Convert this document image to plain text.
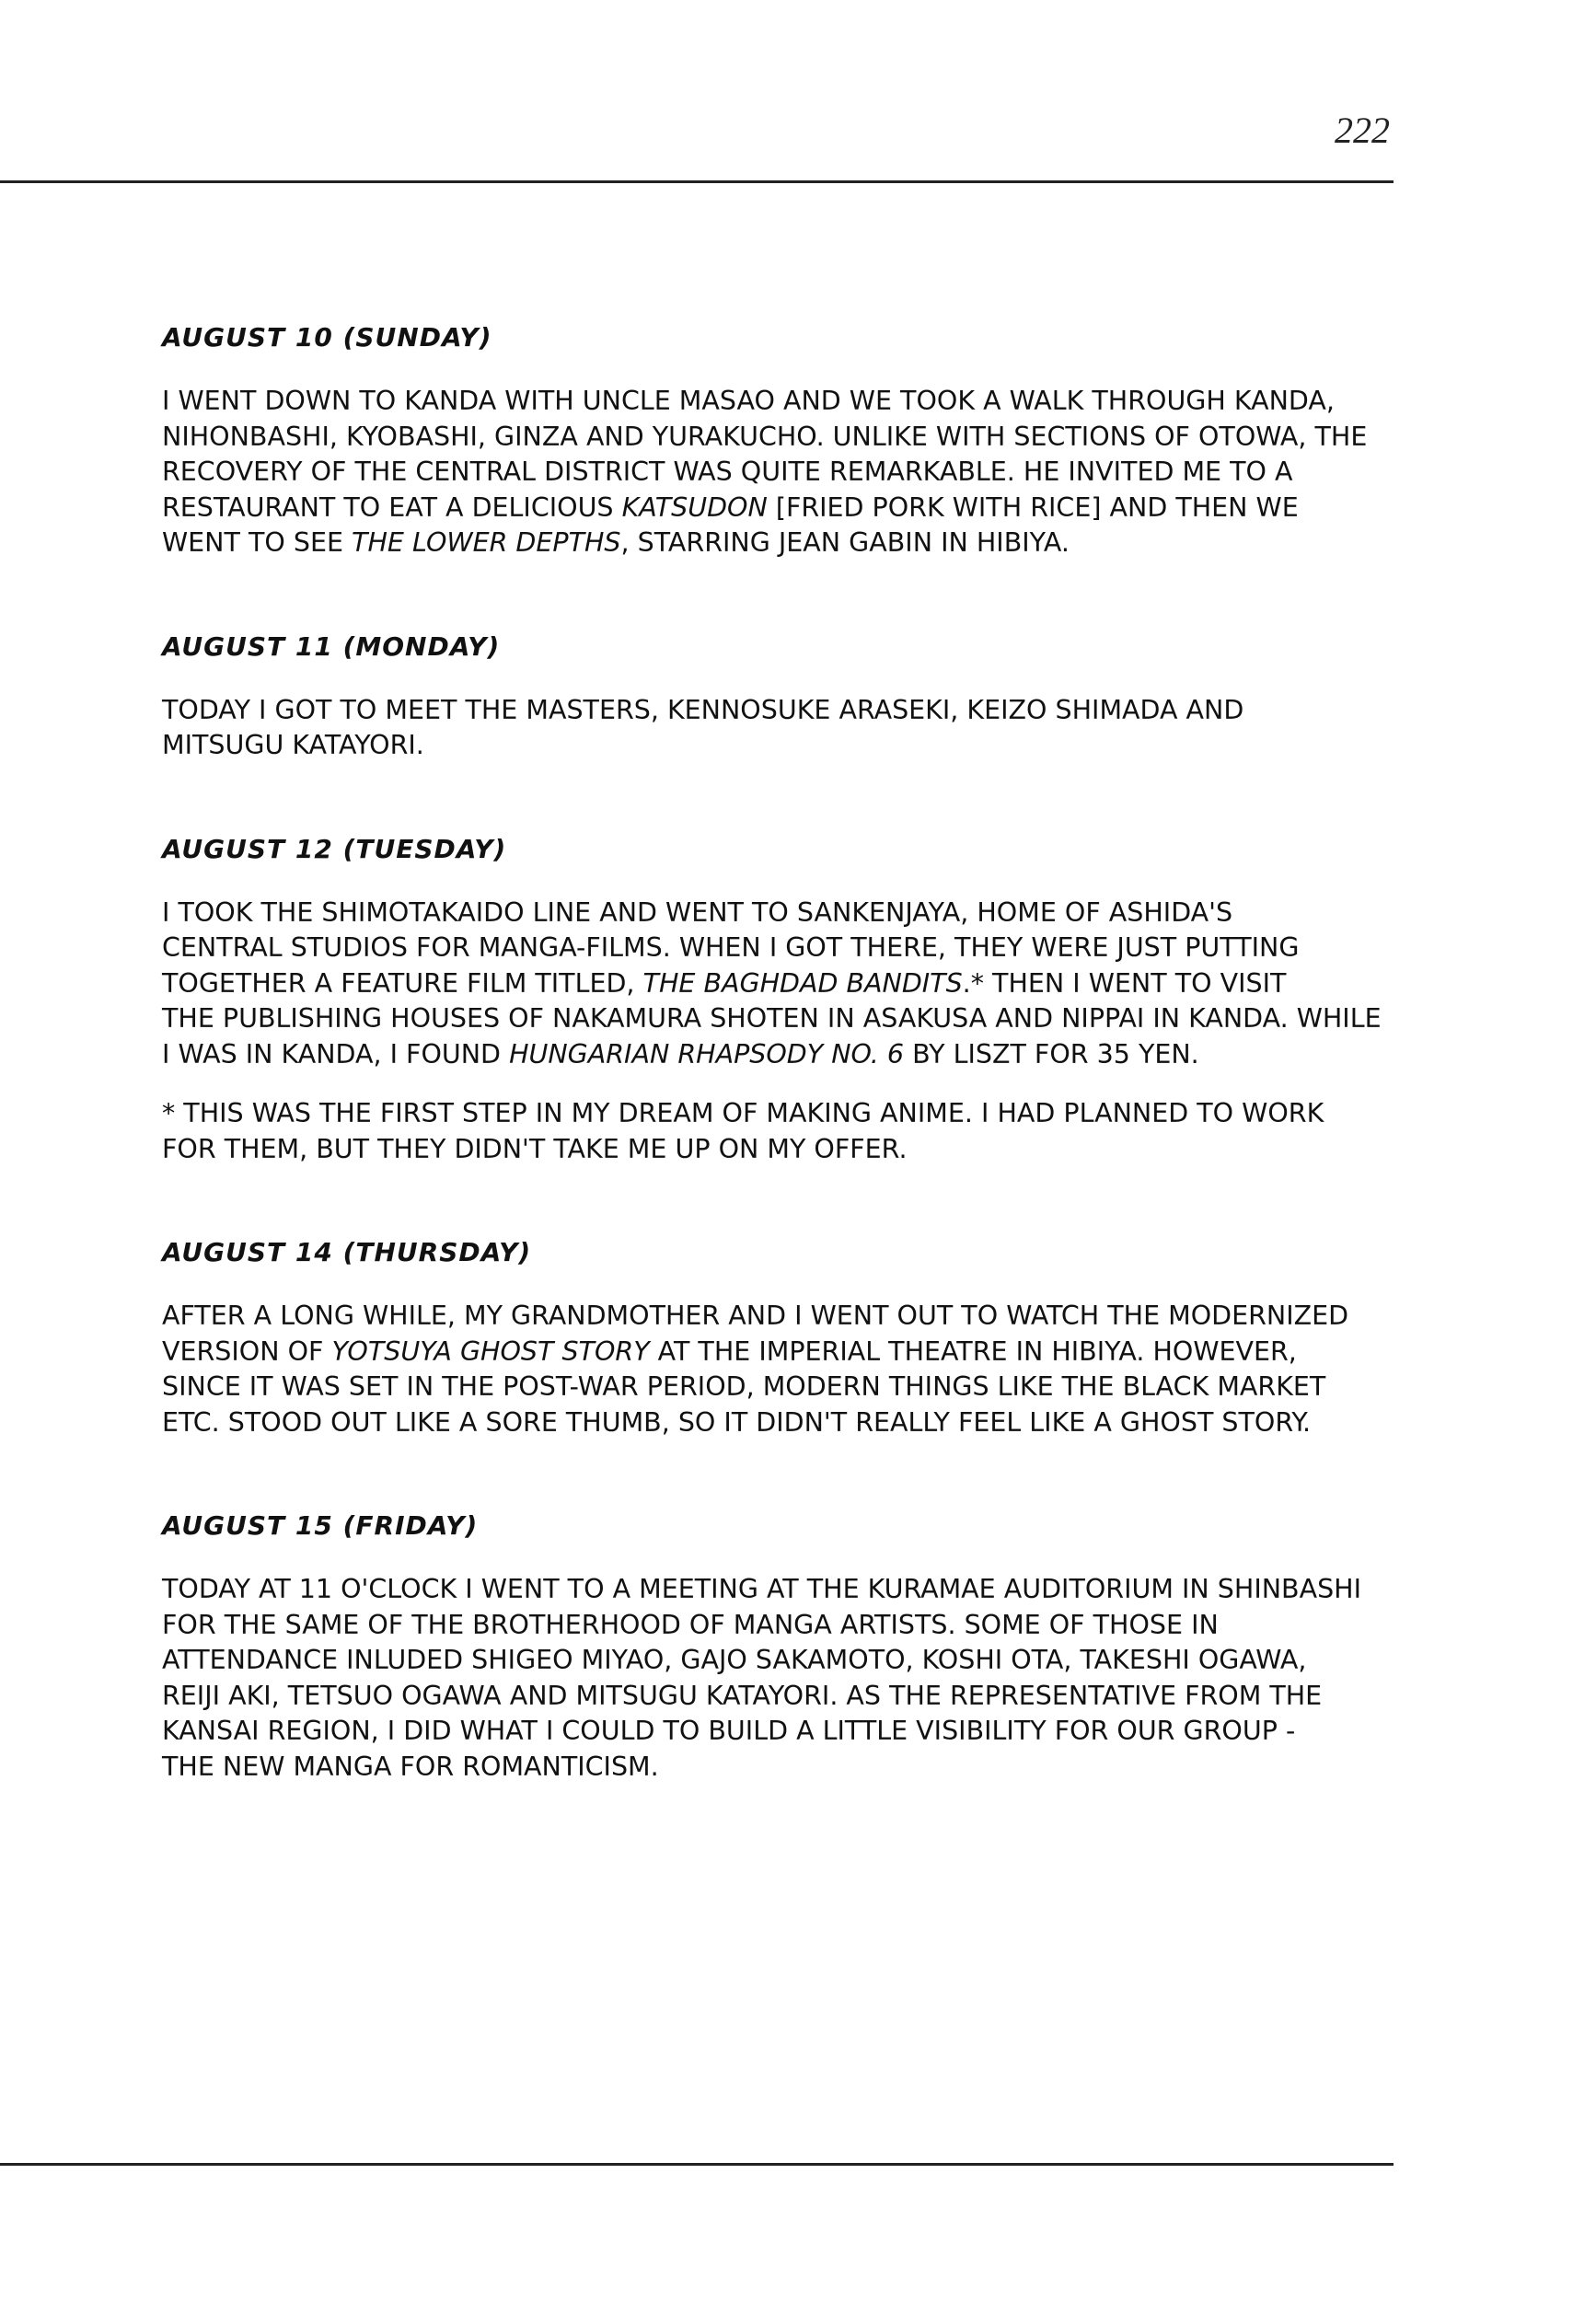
222
AUGUST 10 (SUNDAY)
I WENT DOWN TO KANDA WITH UNCLE MASAO AND WE TOOK A WALK THROUGH KANDA,
NIHONBASHI, KYOBASHI, GINZA AND YURAKUCHO. UNLIKE WITH SECTIONS OF OTOWA, THE
RECOVERY OF THE CENTRAL DISTRICT WAS QUITE REMARKABLE. HE INVITED ME TO A
RESTAURANT TO EAT A DELICIOUS KATSUDON [FRIED PORK WITH RICE] AND THEN WE
WENT TO SEE THE LOWER DEPTHS, STARRING JEAN GABIN IN HIBIYA.
AUGUST 11 (MONDAY)
TODAY I GOT TO MEET THE MASTERS, KENNOSUKE ARASEKI, KEIZO SHIMADA AND
MITSUGU KATAYORI.
AUGUST 12 (TUESDAY)
I TOOK THE SHIMOTAKAIDO LINE AND WENT TO SANKENJAYA, HOME OF ASHIDA'S
CENTRAL STUDIOS FOR MANGA-FILMS. WHEN I GOT THERE, THEY WERE JUST PUTTING
TOGETHER A FEATURE FILM TITLED, THE BAGHDAD BANDITS.* THEN I WENT TO VISIT
THE PUBLISHING HOUSES OF NAKAMURA SHOTEN IN ASAKUSA AND NIPPAI IN KANDA. WHILE
I WAS IN KANDA, I FOUND HUNGARIAN RHAPSODY NO. 6 BY LISZT FOR 35 YEN.
* THIS WAS THE FIRST STEP IN MY DREAM OF MAKING ANIME. I HAD PLANNED TO WORK
FOR THEM, BUT THEY DIDN'T TAKE ME UP ON MY OFFER.
AUGUST 14 (THURSDAY)
AFTER A LONG WHILE, MY GRANDMOTHER AND I WENT OUT TO WATCH THE MODERNIZED
VERSION OF YOTSUYA GHOST STORY AT THE IMPERIAL THEATRE IN HIBIYA. HOWEVER,
SINCE IT WAS SET IN THE POST-WAR PERIOD, MODERN THINGS LIKE THE BLACK MARKET
ETC. STOOD OUT LIKE A SORE THUMB, SO IT DIDN'T REALLY FEEL LIKE A GHOST STORY.
AUGUST 15 (FRIDAY)
TODAY AT 11 O'CLOCK I WENT TO A MEETING AT THE KURAMAE AUDITORIUM IN SHINBASHI
FOR THE SAME OF THE BROTHERHOOD OF MANGA ARTISTS. SOME OF THOSE IN
ATTENDANCE INLUDED SHIGEO MIYAO, GAJO SAKAMOTO, KOSHI OTA, TAKESHI OGAWA,
REIJI AKI, TETSUO OGAWA AND MITSUGU KATAYORI. AS THE REPRESENTATIVE FROM THE
KANSAI REGION, I DID WHAT I COULD TO BUILD A LITTLE VISIBILITY FOR OUR GROUP -
THE NEW MANGA FOR ROMANTICISM.
